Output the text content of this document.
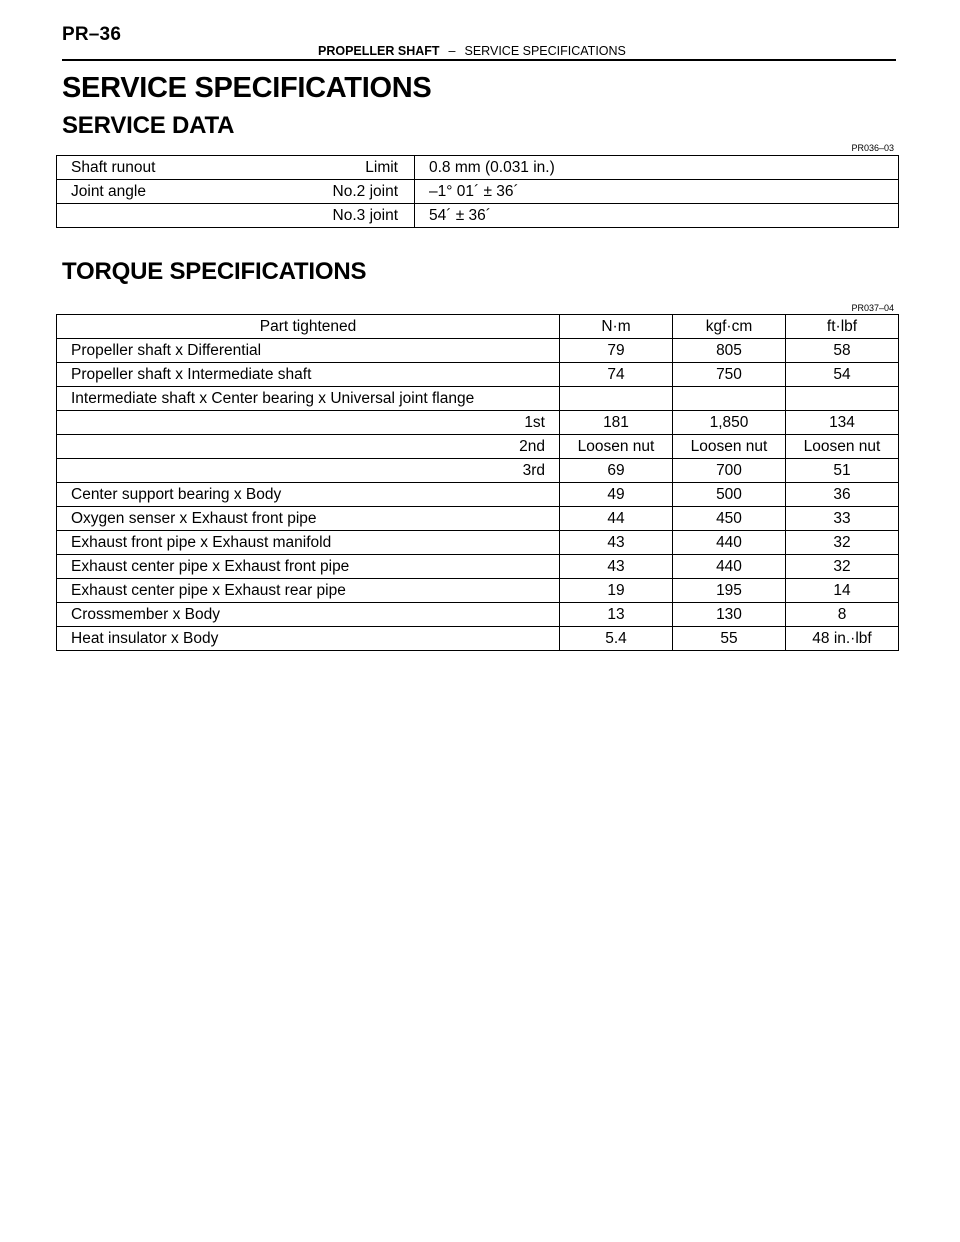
PR–36
PROPELLER SHAFT – SERVICE SPECIFICATIONS
SERVICE SPECIFICATIONS
SERVICE DATA
PR036–03
Shaft runout	Limit	0.8 mm (0.031 in.)
Joint angle	No.2 joint	–1° 01´ ± 36´
	No.3 joint	54´ ± 36´
TORQUE SPECIFICATIONS
PR037–04
Part tightened	N·m	kgf·cm	ft·lbf
Propeller shaft x Differential	79	805	58
Propeller shaft x Intermediate shaft	74	750	54
Intermediate shaft x Center bearing x Universal joint flange			
1st	181	1,850	134
2nd	Loosen nut	Loosen nut	Loosen nut
3rd	69	700	51
Center support bearing x Body	49	500	36
Oxygen senser x Exhaust front pipe	44	450	33
Exhaust front pipe x Exhaust manifold	43	440	32
Exhaust center pipe x Exhaust front pipe	43	440	32
Exhaust center pipe x Exhaust rear pipe	19	195	14
Crossmember x Body	13	130	8
Heat insulator x Body	5.4	55	48 in.·lbf
